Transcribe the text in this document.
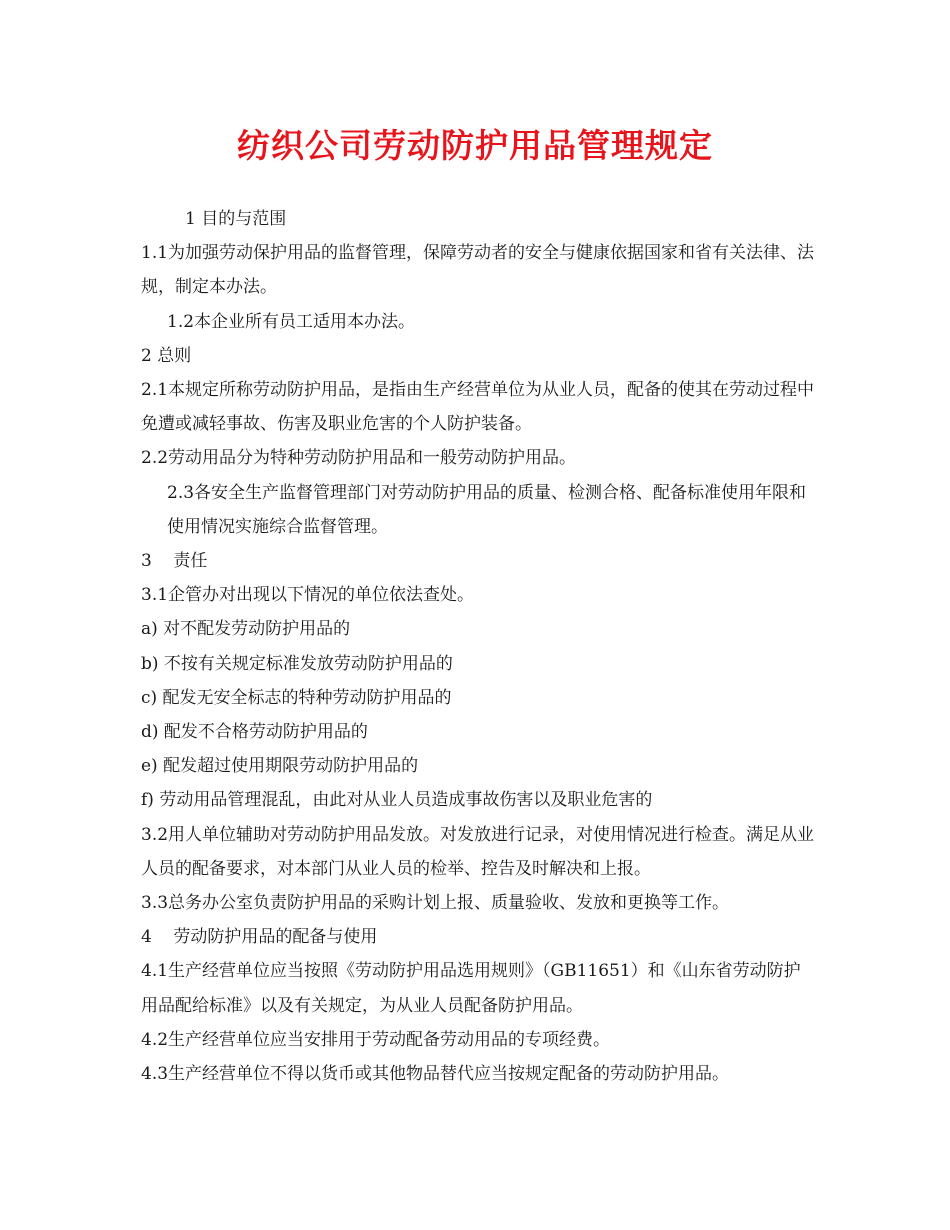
纺织公司劳动防护用品管理规定

1 目的与范围

1.1为加强劳动保护用品的监督管理，保障劳动者的安全与健康依据国家和省有关法律、法规，制定本办法。

1.2本企业所有员工适用本办法。

2 总则

2.1本规定所称劳动防护用品，是指由生产经营单位为从业人员，配备的使其在劳动过程中免遭或减轻事故、伤害及职业危害的个人防护装备。

2.2劳动用品分为特种劳动防护用品和一般劳动防护用品。

2.3各安全生产监督管理部门对劳动防护用品的质量、检测合格、配备标准使用年限和使用情况实施综合监督管理。

3    责任

3.1企管办对出现以下情况的单位依法查处。

a) 对不配发劳动防护用品的

b) 不按有关规定标准发放劳动防护用品的

c) 配发无安全标志的特种劳动防护用品的

d) 配发不合格劳动防护用品的

e) 配发超过使用期限劳动防护用品的

f) 劳动用品管理混乱，由此对从业人员造成事故伤害以及职业危害的

3.2用人单位辅助对劳动防护用品发放。对发放进行记录，对使用情况进行检查。满足从业人员的配备要求，对本部门从业人员的检举、控告及时解决和上报。

3.3总务办公室负责防护用品的采购计划上报、质量验收、发放和更换等工作。

4    劳动防护用品的配备与使用

4.1生产经营单位应当按照《劳动防护用品选用规则》（GB11651）和《山东省劳动防护用品配给标准》以及有关规定，为从业人员配备防护用品。

4.2生产经营单位应当安排用于劳动配备劳动用品的专项经费。

4.3生产经营单位不得以货币或其他物品替代应当按规定配备的劳动防护用品。
